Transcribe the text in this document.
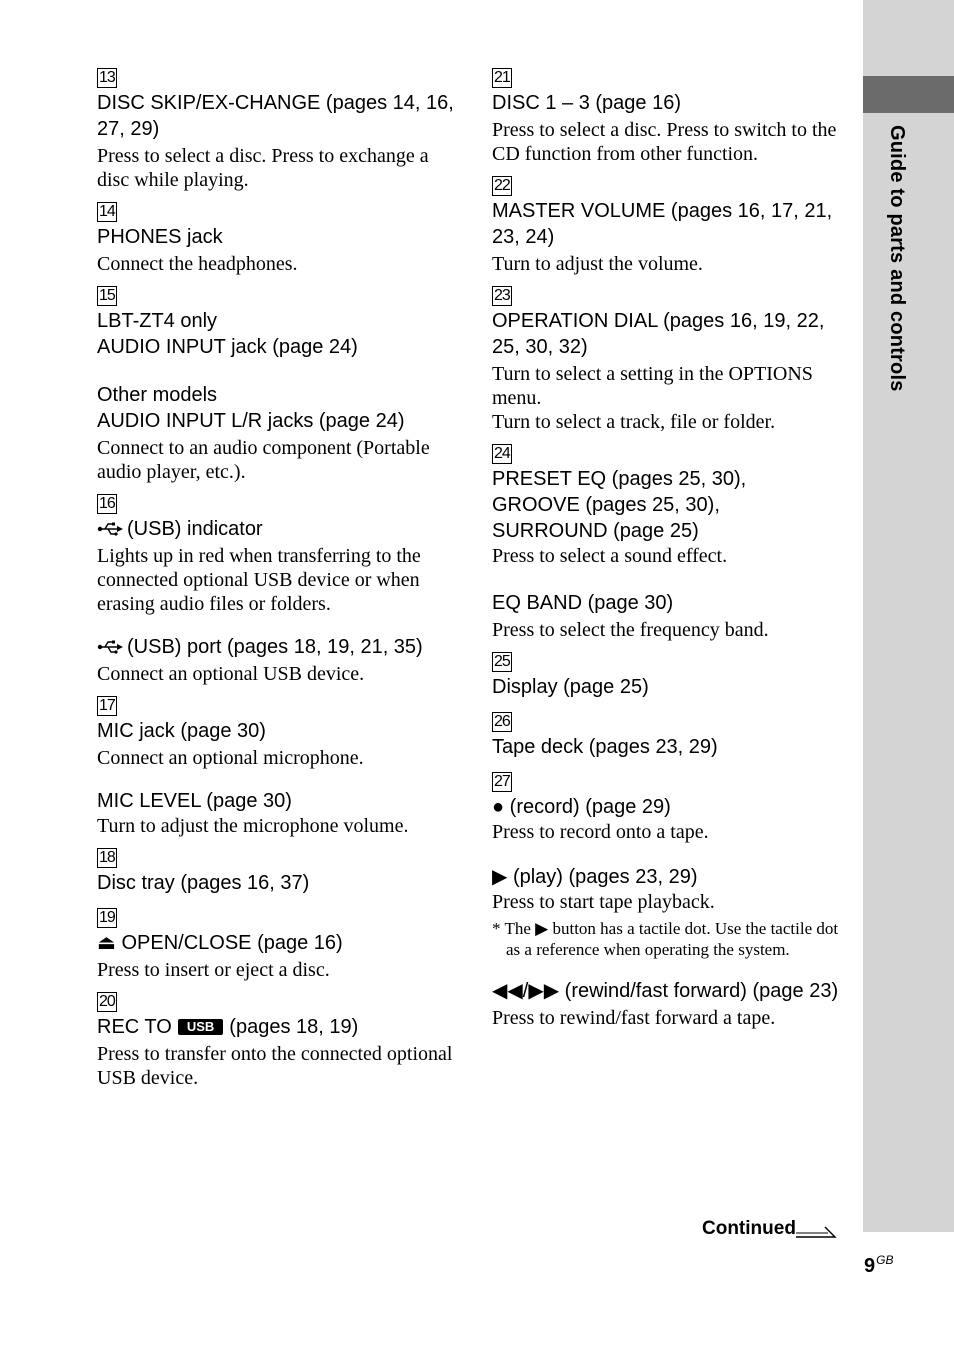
Guide to parts and controls
13
DISC SKIP/EX-CHANGE (pages 14, 16, 27, 29)
Press to select a disc. Press to exchange a disc while playing.
14
PHONES jack
Connect the headphones.
15
LBT-ZT4 only
AUDIO INPUT jack (page 24)
Other models
AUDIO INPUT L/R jacks (page 24)
Connect to an audio component (Portable audio player, etc.).
16
(USB) indicator
Lights up in red when transferring to the connected optional USB device or when erasing audio files or folders.
(USB) port (pages 18, 19, 21, 35)
Connect an optional USB device.
17
MIC jack (page 30)
Connect an optional microphone.
MIC LEVEL (page 30)
Turn to adjust the microphone volume.
18
Disc tray (pages 16, 37)
19
⏏ OPEN/CLOSE (page 16)
Press to insert or eject a disc.
20
REC TO USB (pages 18, 19)
Press to transfer onto the connected optional USB device.
21
DISC 1 – 3 (page 16)
Press to select a disc. Press to switch to the CD function from other function.
22
MASTER VOLUME (pages 16, 17, 21, 23, 24)
Turn to adjust the volume.
23
OPERATION DIAL (pages 16, 19, 22, 25, 30, 32)
Turn to select a setting in the OPTIONS menu.
Turn to select a track, file or folder.
24
PRESET EQ (pages 25, 30),
GROOVE (pages 25, 30),
SURROUND (page 25)
Press to select a sound effect.
EQ BAND (page 30)
Press to select the frequency band.
25
Display (page 25)
26
Tape deck (pages 23, 29)
27
● (record) (page 29)
Press to record onto a tape.
▶ (play) (pages 23, 29)
Press to start tape playback.
* The ▶ button has a tactile dot. Use the tactile dot as a reference when operating the system.
◀◀/▶▶ (rewind/fast forward) (page 23)
Press to rewind/fast forward a tape.
Continued
$9^{GB}$
